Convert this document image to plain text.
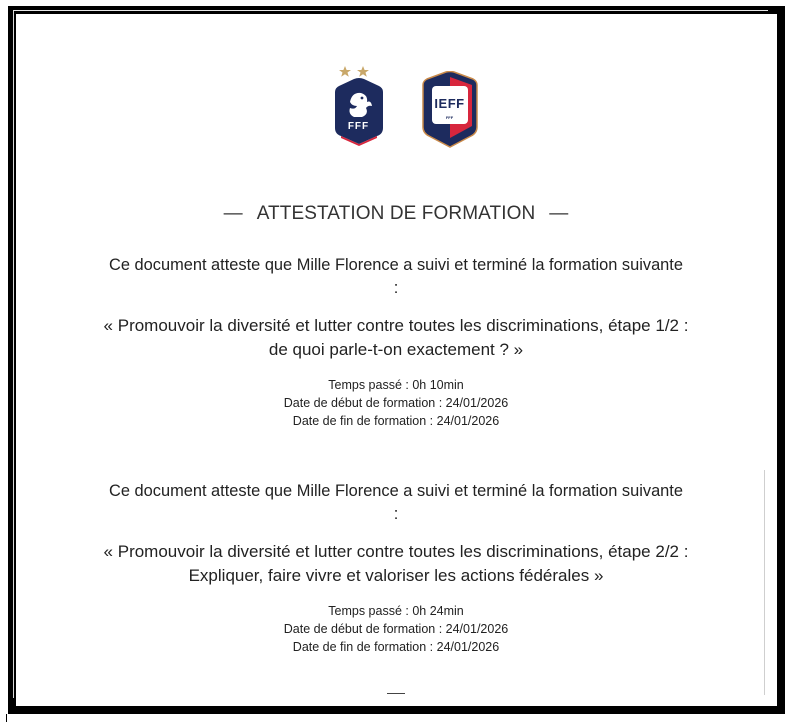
FFF
IEFF
FFF
— ATTESTATION DE FORMATION —
Ce document atteste que Mille Florence a suivi et terminé la formation suivante
:
« Promouvoir la diversité et lutter contre toutes les discriminations, étape 1/2 :
de quoi parle-t-on exactement ? »
Temps passé : 0h 10min
Date de début de formation : 24/01/2026
Date de fin de formation : 24/01/2026
Ce document atteste que Mille Florence a suivi et terminé la formation suivante
:
« Promouvoir la diversité et lutter contre toutes les discriminations, étape 2/2 :
Expliquer, faire vivre et valoriser les actions fédérales »
Temps passé : 0h 24min
Date de début de formation : 24/01/2026
Date de fin de formation : 24/01/2026
